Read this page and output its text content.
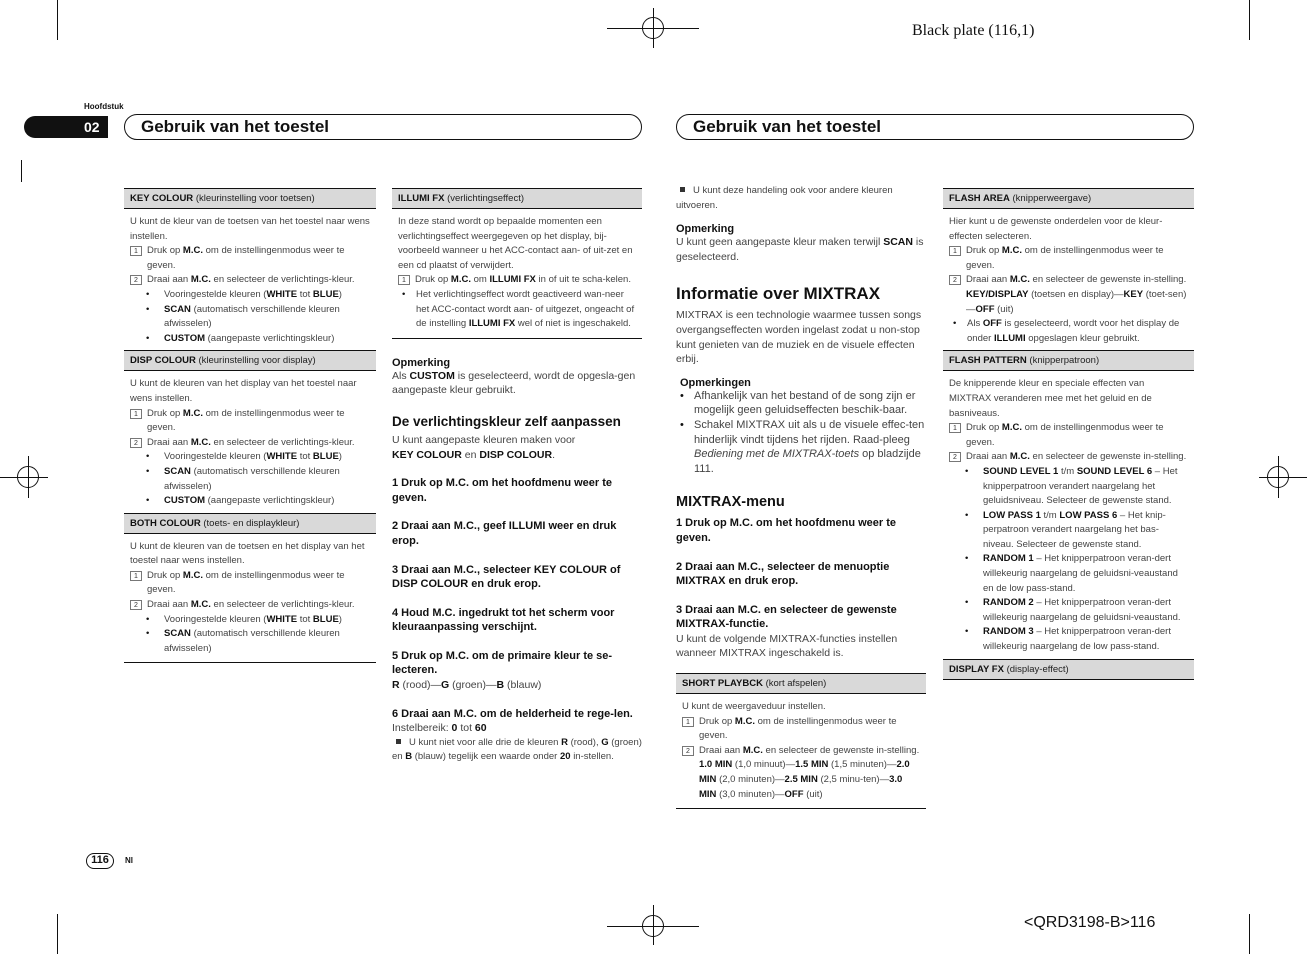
Black plate (116,1)
<QRD3198-B>116
Hoofdstuk
02	Gebruik van het toestel	Gebruik van het toestel
KEY COLOUR (kleurinstelling voor toetsen)
U kunt de kleur van de toetsen van het toestel naar wens instellen.
1 Druk op M.C. om de instellingenmodus weer te geven.
2 Draai aan M.C. en selecteer de verlichtings-kleur.
•	Vooringestelde kleuren (WHITE tot BLUE)
•	SCAN (automatisch verschillende kleuren afwisselen)
•	CUSTOM (aangepaste verlichtingskleur)
DISP COLOUR (kleurinstelling voor display)
U kunt de kleuren van het display van het toestel naar wens instellen.
1 Druk op M.C. om de instellingenmodus weer te geven.
2 Draai aan M.C. en selecteer de verlichtings-kleur.
•	Vooringestelde kleuren (WHITE tot BLUE)
•	SCAN (automatisch verschillende kleuren afwisselen)
•	CUSTOM (aangepaste verlichtingskleur)
BOTH COLOUR (toets- en displaykleur)
U kunt de kleuren van de toetsen en het display van het toestel naar wens instellen.
1 Druk op M.C. om de instellingenmodus weer te geven.
2 Draai aan M.C. en selecteer de verlichtings-kleur.
•	Vooringestelde kleuren (WHITE tot BLUE)
•	SCAN (automatisch verschillende kleuren afwisselen)
ILLUMI FX (verlichtingseffect)
In deze stand wordt op bepaalde momenten een verlichtingseffect weergegeven op het display, bij-voorbeeld wanneer u het ACC-contact aan- of uit-zet en een cd plaatst of verwijdert.
1 Druk op M.C. om ILLUMI FX in of uit te scha-kelen.
•	Het verlichtingseffect wordt geactiveerd wan-neer het ACC-contact wordt aan- of uitgezet, ongeacht of de instelling ILLUMI FX wel of niet is ingeschakeld.
Opmerking
Als CUSTOM is geselecteerd, wordt de opgesla-gen aangepaste kleur gebruikt.
De verlichtingskleur zelf aanpassen
U kunt aangepaste kleuren maken voor
KEY COLOUR en DISP COLOUR.
1 Druk op M.C. om het hoofdmenu weer te geven.
2 Draai aan M.C., geef ILLUMI weer en druk erop.
3 Draai aan M.C., selecteer KEY COLOUR of DISP COLOUR en druk erop.
4 Houd M.C. ingedrukt tot het scherm voor kleuraanpassing verschijnt.
5 Druk op M.C. om de primaire kleur te se-lecteren.
R (rood)—G (groen)—B (blauw)
6 Draai aan M.C. om de helderheid te rege-len.
Instelbereik: 0 tot 60
U kunt niet voor alle drie de kleuren R (rood), G (groen) en B (blauw) tegelijk een waarde onder 20 in-stellen.
U kunt deze handeling ook voor andere kleuren uitvoeren.
Opmerking
U kunt geen aangepaste kleur maken terwijl SCAN is geselecteerd.
Informatie over MIXTRAX
MIXTRAX is een technologie waarmee tussen songs overgangseffecten worden ingelast zodat u non-stop kunt genieten van de muziek en de visuele effecten erbij.
Opmerkingen
• Afhankelijk van het bestand of de song zijn er mogelijk geen geluidseffecten beschik-baar.
• Schakel MIXTRAX uit als u de visuele effec-ten hinderlijk vindt tijdens het rijden. Raad-pleeg Bediening met de MIXTRAX-toets op bladzijde 111.
MIXTRAX-menu
1 Druk op M.C. om het hoofdmenu weer te geven.
2 Draai aan M.C., selecteer de menuoptie MIXTRAX en druk erop.
3 Draai aan M.C. en selecteer de gewenste MIXTRAX-functie.
U kunt de volgende MIXTRAX-functies instellen wanneer MIXTRAX ingeschakeld is.
SHORT PLAYBCK (kort afspelen)
U kunt de weergaveduur instellen.
1 Druk op M.C. om de instellingenmodus weer te geven.
2 Draai aan M.C. en selecteer de gewenste in-stelling.
1.0 MIN (1,0 minuut)—1.5 MIN (1,5 minuten)—2.0 MIN (2,0 minuten)—2.5 MIN (2,5 minu-ten)—3.0 MIN (3,0 minuten)—OFF (uit)
FLASH AREA (knipperweergave)
Hier kunt u de gewenste onderdelen voor de kleur-effecten selecteren.
1 Druk op M.C. om de instellingenmodus weer te geven.
2 Draai aan M.C. en selecteer de gewenste in-stelling.
KEY/DISPLAY (toetsen en display)—KEY (toet-sen)—OFF (uit)
•	Als OFF is geselecteerd, wordt voor het display de onder ILLUMI opgeslagen kleur gebruikt.
FLASH PATTERN (knipperpatroon)
De knipperende kleur en speciale effecten van MIXTRAX veranderen mee met het geluid en de basniveaus.
1 Druk op M.C. om de instellingenmodus weer te geven.
2 Draai aan M.C. en selecteer de gewenste in-stelling.
•	SOUND LEVEL 1 t/m SOUND LEVEL 6 – Het knipperpatroon verandert naargelang het geluidsniveau. Selecteer de gewenste stand.
•	LOW PASS 1 t/m LOW PASS 6 – Het knip-perpatroon verandert naargelang het bas-niveau. Selecteer de gewenste stand.
•	RANDOM 1 – Het knipperpatroon veran-dert willekeurig naargelang de geluidsni-veaustand en de low pass-stand.
•	RANDOM 2 – Het knipperpatroon veran-dert willekeurig naargelang de geluidsni-veaustand.
•	RANDOM 3 – Het knipperpatroon veran-dert willekeurig naargelang de low pass-stand.
DISPLAY FX (display-effect)
116	Nl
